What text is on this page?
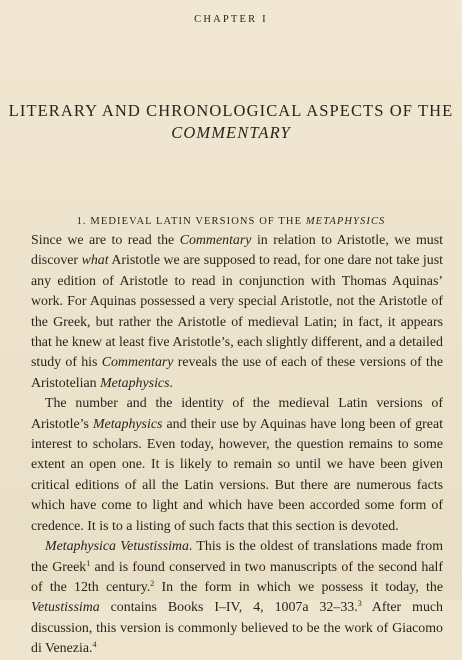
CHAPTER I
LITERARY AND CHRONOLOGICAL ASPECTS OF THE
COMMENTARY
1. MEDIEVAL LATIN VERSIONS OF THE METAPHYSICS

Since we are to read the Commentary in relation to Aristotle, we must discover what Aristotle we are supposed to read, for one dare not take just any edition of Aristotle to read in conjunction with Thomas Aquinas’ work. For Aquinas possessed a very special Aristotle, not the Aristotle of the Greek, but rather the Aristotle of medieval Latin; in fact, it appears that he knew at least five Aristotle’s, each slightly different, and a detailed study of his Commentary reveals the use of each of these versions of the Aristotelian Metaphysics.

The number and the identity of the medieval Latin versions of Aristotle’s Metaphysics and their use by Aquinas have long been of great interest to scholars. Even today, however, the question remains to some extent an open one. It is likely to remain so until we have been given critical editions of all the Latin versions. But there are numerous facts which have come to light and which have been accorded some form of credence. It is to a listing of such facts that this section is devoted.

Metaphysica Vetustissima. This is the oldest of translations made from the Greek$^1$ and is found conserved in two manuscripts of the second half of the 12th century.$^2$ In the form in which we possess it today, the Vetustissima contains Books I–IV, 4, 1007a 32–33.$^3$ After much discussion, this version is commonly believed to be the work of Giacomo di Venezia.$^4$
